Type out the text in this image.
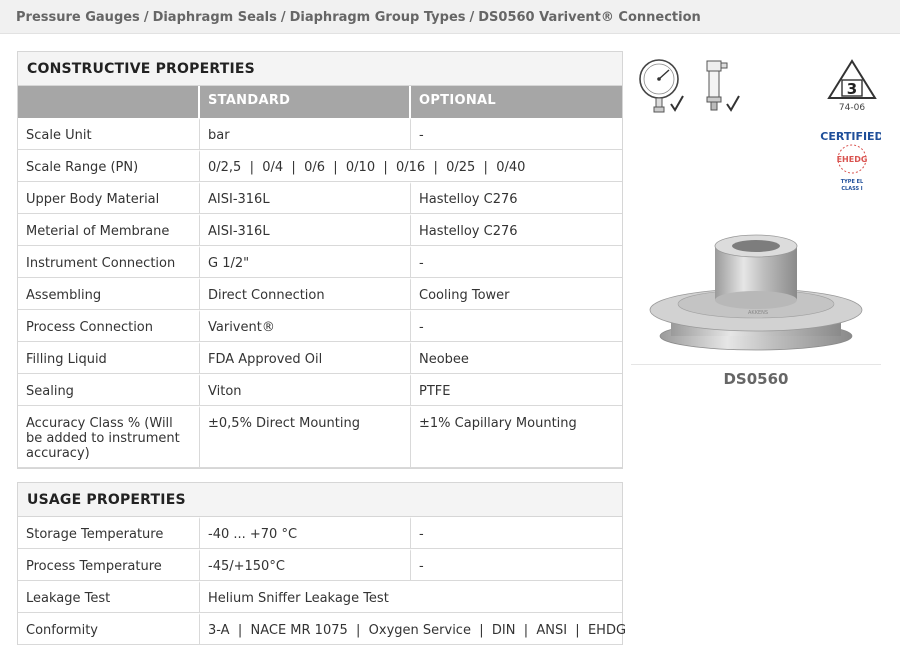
Pressure Gauges / Diaphragm Seals / Diaphragm Group Types / DS0560 Varivent® Connection
CONSTRUCTIVE PROPERTIES
	STANDARD	OPTIONAL
Scale Unit	bar	-
Scale Range (PN)	0/2,5  |  0/4  |  0/6  |  0/10  |  0/16  |  0/25  |  0/40	
Upper Body Material	AISI-316L	Hastelloy C276
Meterial of Membrane	AISI-316L	Hastelloy C276
Instrument Connection	G 1/2"	-
Assembling	Direct Connection	Cooling Tower
Process Connection	Varivent®	-
Filling Liquid	FDA Approved Oil	Neobee
Sealing	Viton	PTFE
Accuracy Class % (Will be added to instrument accuracy)	±0,5% Direct Mounting	±1% Capillary Mounting
USAGE PROPERTIES
Storage Temperature	-40 ... +70 °C	-
Process Temperature	-45/+150°C	-
Leakage Test	Helium Sniffer Leakage Test	
Conformity	3-A  |  NACE MR 1075  |  Oxygen Service  |  DIN  |  ANSI  |  EHDG	
3
74-06
CERTIFIED
EHEDG
TYPE EL
CLASS I
AKKENS
DS0560
